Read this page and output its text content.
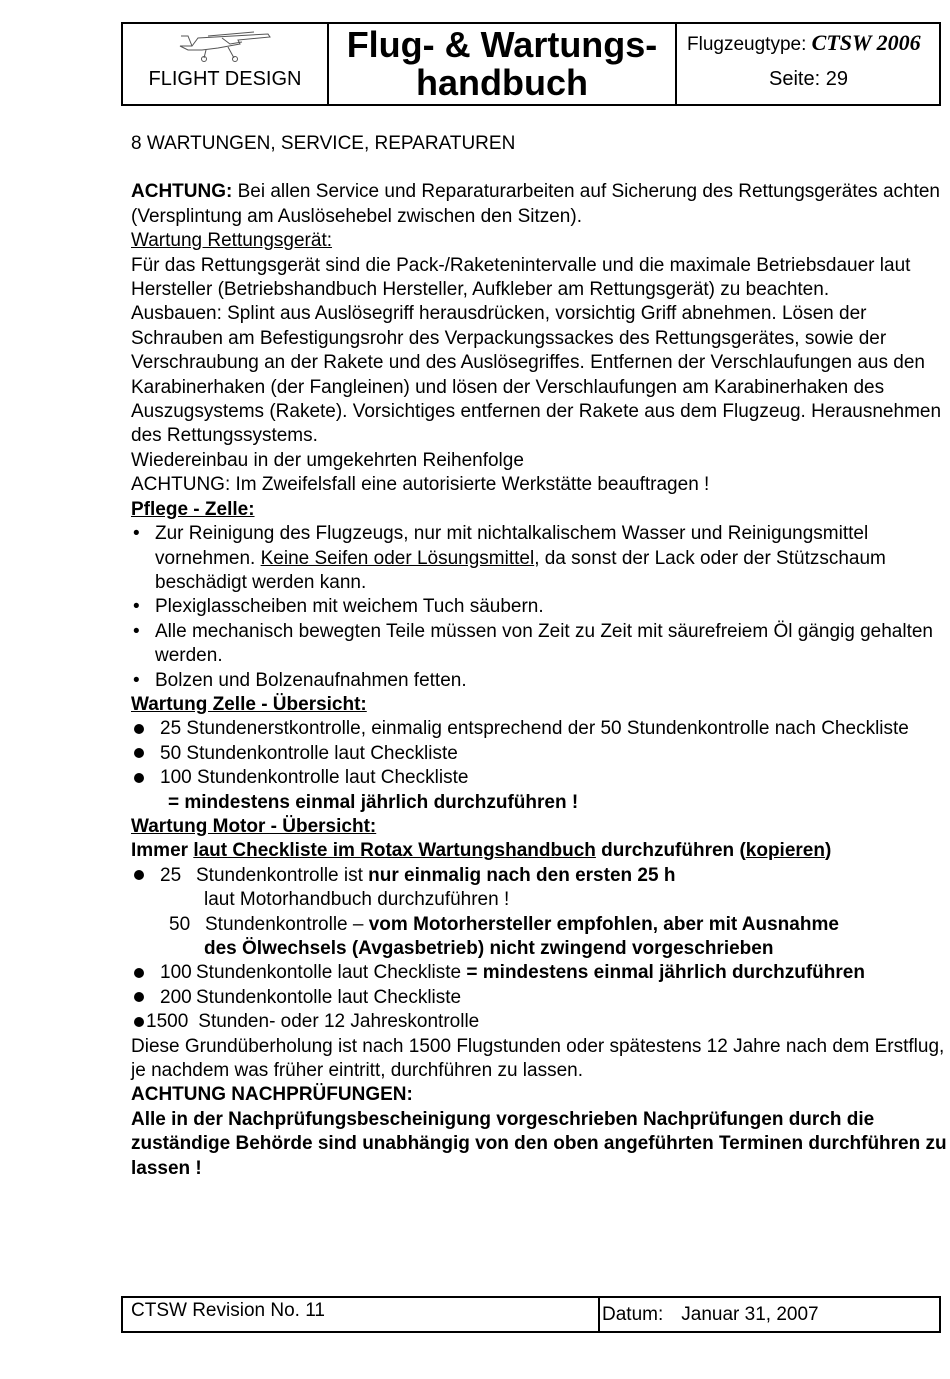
FLIGHT DESIGN
Flug- & Wartungs-
handbuch
Flugzeugtype: CTSW 2006
Seite: 29

8 WARTUNGEN, SERVICE, REPARATUREN

ACHTUNG: Bei allen Service und Reparaturarbeiten auf Sicherung des Rettungsgerätes achten (Versplintung am Auslösehebel zwischen den Sitzen).

Wartung Rettungsgerät:

Für das Rettungsgerät sind die Pack-/Raketenintervalle und die maximale Betriebsdauer laut Hersteller (Betriebshandbuch Hersteller, Aufkleber am Rettungsgerät) zu beachten.

Ausbauen: Splint aus Auslösegriff herausdrücken, vorsichtig Griff abnehmen. Lösen der Schrauben am Befestigungsrohr des Verpackungssackes des Rettungsgerätes, sowie der Verschraubung an der Rakete und des Auslösegriffes. Entfernen der Verschlaufungen aus den Karabinerhaken (der Fangleinen) und lösen der Verschlaufungen am Karabinerhaken des Auszugsystems (Rakete). Vorsichtiges entfernen der Rakete aus dem Flugzeug. Herausnehmen des Rettungssystems.

Wiedereinbau in der umgekehrten Reihenfolge

ACHTUNG: Im Zweifelsfall eine autorisierte Werkstätte beauftragen !

Pflege - Zelle:

• Zur Reinigung des Flugzeugs, nur mit nichtalkalischem Wasser und Reinigungsmittel vornehmen. Keine Seifen oder Lösungsmittel, da sonst der Lack oder der Stützschaum beschädigt werden kann.
• Plexiglasscheiben mit weichem Tuch säubern.
• Alle mechanisch bewegten Teile müssen von Zeit zu Zeit mit säurefreiem Öl gängig gehalten werden.
• Bolzen und Bolzenaufnahmen fetten.

Wartung Zelle - Übersicht:

25 Stundenerstkontrolle, einmalig entsprechend der 50 Stundenkontrolle nach Checkliste

50 Stundenkontrolle laut Checkliste

100 Stundenkontrolle laut Checkliste

= mindestens einmal jährlich durchzuführen !

Wartung Motor - Übersicht:

Immer laut Checkliste im Rotax Wartungshandbuch durchzuführen (kopieren)

25 Stundenkontrolle ist nur einmalig nach den ersten 25 h

laut Motorhandbuch durchzuführen !

50 Stundenkontrolle – vom Motorhersteller empfohlen, aber mit Ausnahme

des Ölwechsels (Avgasbetrieb) nicht zwingend vorgeschrieben

100 Stundenkontolle laut Checkliste = mindestens einmal jährlich durchzuführen

200 Stundenkontolle laut Checkliste

1500 Stunden- oder 12 Jahreskontrolle

Diese Grundüberholung ist nach 1500 Flugstunden oder spätestens 12 Jahre nach dem Erstflug, je nachdem was früher eintritt, durchführen zu lassen.

ACHTUNG NACHPRÜFUNGEN:

Alle in der Nachprüfungsbescheinigung vorgeschrieben Nachprüfungen durch die zuständige Behörde sind unabhängig von den oben angeführten Terminen durchführen zu lassen !

CTSW Revision No. 11	Datum: Januar 31, 2007
